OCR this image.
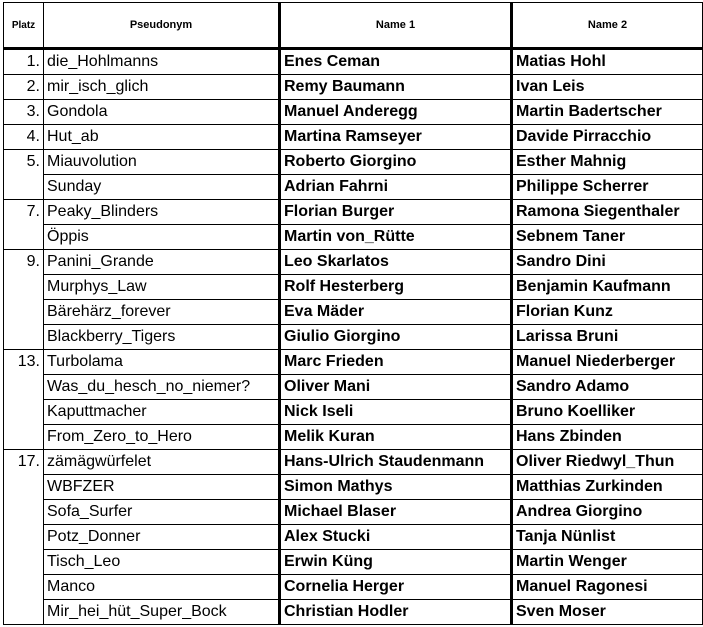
Platz	Pseudonym	Name 1	Name 2
1.	die_Hohlmanns	Enes Ceman	Matias Hohl
2.	mir_isch_glich	Remy Baumann	Ivan Leis
3.	Gondola	Manuel Anderegg	Martin Badertscher
4.	Hut_ab	Martina Ramseyer	Davide Pirracchio
5.	Miauvolution	Roberto Giorgino	Esther Mahnig
	Sunday	Adrian Fahrni	Philippe Scherrer
7.	Peaky_Blinders	Florian Burger	Ramona Siegenthaler
	Öppis	Martin von_Rütte	Sebnem Taner
9.	Panini_Grande	Leo Skarlatos	Sandro Dini
	Murphys_Law	Rolf Hesterberg	Benjamin Kaufmann
	Bärehärz_forever	Eva Mäder	Florian Kunz
	Blackberry_Tigers	Giulio Giorgino	Larissa Bruni
13.	Turbolama	Marc Frieden	Manuel Niederberger
	Was_du_hesch_no_niemer?	Oliver Mani	Sandro Adamo
	Kaputtmacher	Nick Iseli	Bruno Koelliker
	From_Zero_to_Hero	Melik Kuran	Hans Zbinden
17.	zämägwürfelet	Hans-Ulrich Staudenmann	Oliver Riedwyl_Thun
	WBFZER	Simon Mathys	Matthias Zurkinden
	Sofa_Surfer	Michael Blaser	Andrea Giorgino
	Potz_Donner	Alex Stucki	Tanja Nünlist
	Tisch_Leo	Erwin Küng	Martin Wenger
	Manco	Cornelia Herger	Manuel Ragonesi
	Mir_hei_hüt_Super_Bock	Christian Hodler	Sven Moser
